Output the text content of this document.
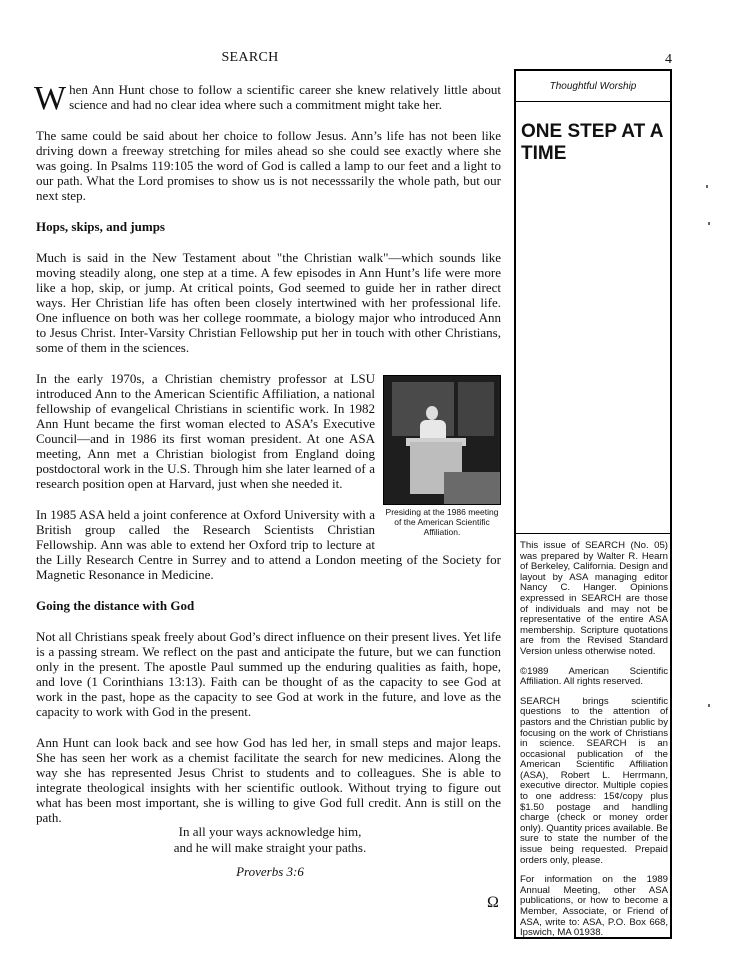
SEARCH	4

W hen Ann Hunt chose to follow a scientific career she knew relatively little about science and had no clear idea where such a commitment might take her.

The same could be said about her choice to follow Jesus. Ann’s life has not been like driving down a freeway stretching for miles ahead so she could see exactly where she was going. In Psalms 119:105 the word of God is called a lamp to our feet and a light to our path. What the Lord promises to show us is not necesssarily the whole path, but our next step.

Hops, skips, and jumps

Much is said in the New Testament about "the Christian walk"—which sounds like moving steadily along, one step at a time. A few episodes in Ann Hunt’s life were more like a hop, skip, or jump. At critical points, God seemed to guide her in rather direct ways. Her Christian life has often been closely intertwined with her professional life. One influence on both was her college roommate, a biology major who introduced Ann to Jesus Christ. Inter-Varsity Christian Fellowship put her in touch with other Christians, some of them in the sciences.

Presiding at the 1986 meeting of the American Scientific Affiliation.

In the early 1970s, a Christian chemistry professor at LSU introduced Ann to the American Scientific Affiliation, a national fellowship of evangelical Christians in scientific work. In 1982 Ann Hunt became the first woman elected to ASA’s Executive Council—and in 1986 its first woman president. At one ASA meeting, Ann met a Christian biologist from England doing postdoctoral work in the U.S. Through him she later learned of a research position open at Harvard, just when she needed it.

In 1985 ASA held a joint conference at Oxford University with a British group called the Research Scientists Christian Fellowship. Ann was able to extend her Oxford trip to lecture at the Lilly Research Centre in Surrey and to attend a London meeting of the Society for Magnetic Resonance in Medicine.

Going the distance with God

Not all Christians speak freely about God’s direct influence on their present lives. Yet life is a passing stream. We reflect on the past and anticipate the future, but we can function only in the present. The apostle Paul summed up the enduring qualities as faith, hope, and love (1 Corinthians 13:13). Faith can be thought of as the capacity to see God at work in the past, hope as the capacity to see God at work in the future, and love as the capacity to work with God in the present.

Ann Hunt can look back and see how God has led her, in small steps and major leaps. She has seen her work as a chemist facilitate the search for new medicines. Along the way she has represented Jesus Christ to students and to colleagues. She is able to integrate theological insights with her scientific outlook. Without trying to figure out what has been most important, she is willing to give God full credit. Ann is still on the path.

In all your ways acknowledge him,
and he will make straight your paths.
Proverbs 3:6
Ω
Thoughtful Worship
ONE STEP AT A TIME

This issue of SEARCH (No. 05) was prepared by Walter R. Hearn of Berkeley, California. Design and layout by ASA managing editor Nancy C. Hanger. Opinions expressed in SEARCH are those of individuals and may not be representative of the entire ASA membership. Scripture quotations are from the Revised Standard Version unless otherwise noted.

©1989 American Scientific Affiliation. All rights reserved.

SEARCH brings scientific questions to the attention of pastors and the Christian public by focusing on the work of Christians in science. SEARCH is an occasional publication of the American Scientific Affiliation (ASA), Robert L. Herrmann, executive director. Multiple copies to one address: 15¢/copy plus $1.50 postage and handling charge (check or money order only). Quantity prices available. Be sure to state the number of the issue being requested. Prepaid orders only, please.

For information on the 1989 Annual Meeting, other ASA publications, or how to become a Member, Associate, or Friend of ASA, write to: ASA, P.O. Box 668, Ipswich, MA 01938.
